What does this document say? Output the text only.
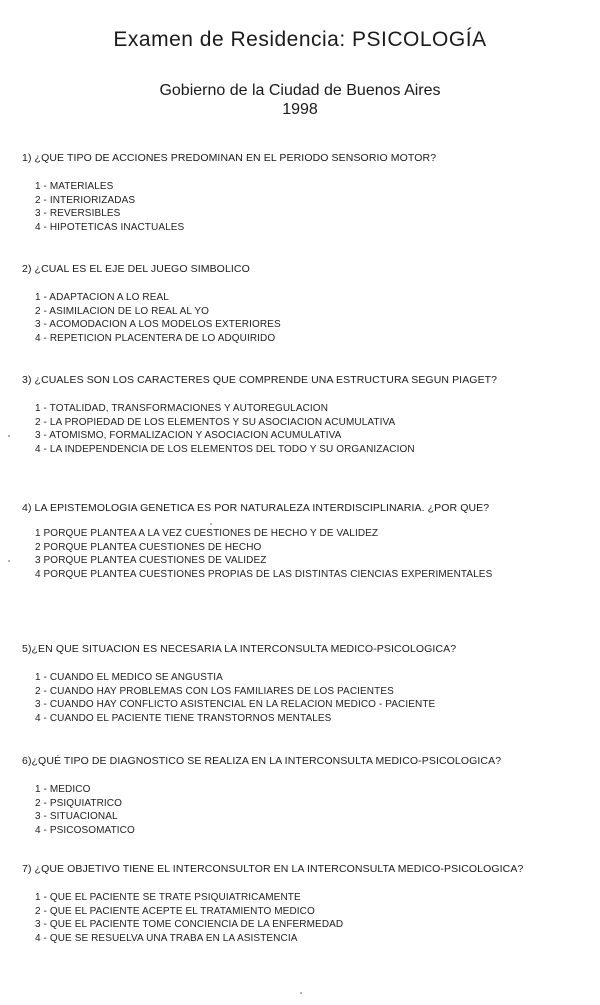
Examen de Residencia: PSICOLOGÍA
Gobierno de la Ciudad de Buenos Aires
1998
1) ¿QUE TIPO DE ACCIONES PREDOMINAN EN EL PERIODO SENSORIO MOTOR?
1 - MATERIALES
2 - INTERIORIZADAS
3 - REVERSIBLES
4 - HIPOTETICAS INACTUALES
2) ¿CUAL ES EL EJE DEL JUEGO SIMBOLICO
1 - ADAPTACION A LO REAL
2 - ASIMILACION DE LO REAL AL YO
3 - ACOMODACION A LOS MODELOS EXTERIORES
4 - REPETICION PLACENTERA DE LO ADQUIRIDO
3) ¿CUALES SON LOS CARACTERES QUE COMPRENDE UNA ESTRUCTURA SEGUN PIAGET?
1 - TOTALIDAD, TRANSFORMACIONES Y AUTOREGULACION
2 - LA PROPIEDAD DE LOS ELEMENTOS Y SU ASOCIACION ACUMULATIVA
3 - ATOMISMO, FORMALIZACION Y ASOCIACION ACUMULATIVA
4 - LA INDEPENDENCIA DE LOS ELEMENTOS DEL TODO Y SU ORGANIZACION
4) LA EPISTEMOLOGIA GENETICA ES POR NATURALEZA INTERDISCIPLINARIA. ¿POR QUE?
1 PORQUE PLANTEA A LA VEZ CUESTIONES DE HECHO Y DE VALIDEZ
2 PORQUE PLANTEA CUESTIONES DE HECHO
3 PORQUE PLANTEA CUESTIONES DE VALIDEZ
4 PORQUE PLANTEA CUESTIONES PROPIAS DE LAS DISTINTAS CIENCIAS EXPERIMENTALES
5)¿EN QUE SITUACION ES NECESARIA LA INTERCONSULTA MEDICO-PSICOLOGICA?
1 - CUANDO EL MEDICO SE ANGUSTIA
2 - CUANDO HAY PROBLEMAS CON LOS FAMILIARES DE LOS PACIENTES
3 - CUANDO HAY CONFLICTO ASISTENCIAL EN LA RELACION MEDICO - PACIENTE
4 - CUANDO EL PACIENTE TIENE TRANSTORNOS MENTALES
6)¿QUÉ TIPO DE DIAGNOSTICO SE REALIZA EN LA INTERCONSULTA MEDICO-PSICOLOGICA?
1 - MEDICO
2 - PSIQUIATRICO
3 - SITUACIONAL
4 - PSICOSOMATICO
7) ¿QUE OBJETIVO TIENE EL INTERCONSULTOR EN LA INTERCONSULTA MEDICO-PSICOLOGICA?
1 - QUE EL PACIENTE SE TRATE PSIQUIATRICAMENTE
2 - QUE EL PACIENTE ACEPTE EL TRATAMIENTO MEDICO
3 - QUE EL PACIENTE TOME CONCIENCIA DE LA ENFERMEDAD
4 - QUE SE RESUELVA UNA TRABA EN LA ASISTENCIA
